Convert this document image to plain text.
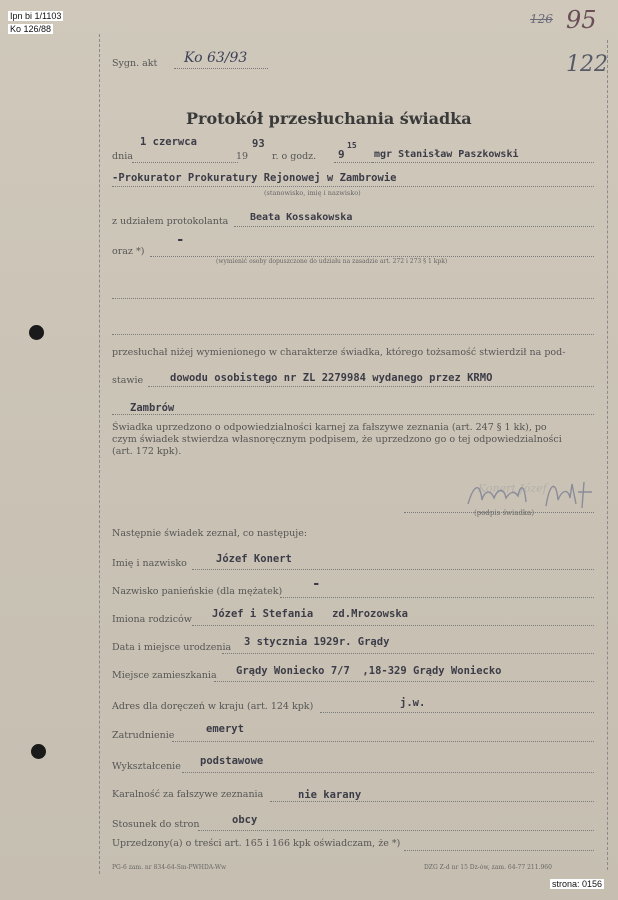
Ipn bi 1/1103
Ko 126/88
strona: 0156
126 95
122
Sygn. akt Ko 63/93
Protokół przesłuchania świadka
dnia
1 czerwca
19
93
r. o godz. 9
15
mgr Stanisław Paszkowski
-Prokurator Prokuratury Rejonowej w Zambrowie
(stanowisko, imię i nazwisko)
z udziałem protokolanta Beata Kossakowska
oraz *)
-
(wymienić osoby dopuszczone do udziału na zasadzie art. 272 i 273 § 1 kpk)
przesłuchał niżej wymienionego w charakterze świadka, którego tożsamość stwierdził na pod-
stawie	dowodu osobistego nr ZL 2279984 wydanego przez KRMO
Zambrów
Świadka uprzedzono o odpowiedzialności karnej za fałszywe zeznania (art. 247 § 1 kk), po
czym świadek stwierdza własnoręcznym podpisem, że uprzedzono go o tej odpowiedzialności
(art. 172 kpk).
Konert Józef
(podpis świadka)
Następnie świadek zeznał, co następuje:
Imię i nazwisko	Józef Konert
Nazwisko panieńskie (dla mężatek) -
Imiona rodziców Józef i Stefania   zd.Mrozowska
Data i miejsce urodzenia 3 stycznia 1929r. Grądy
Miejsce zamieszkania Grądy Woniecko 7/7  ,18-329 Grądy Woniecko
Adres dla doręczeń w kraju (art. 124 kpk)	j.w.
Zatrudnienie
emeryt
Wykształcenie podstawowe
Karalność za fałszywe zeznania	nie karany
Stosunek do stron	obcy
Uprzedzony(a) o treści art. 165 i 166 kpk oświadczam, że *)
PG-6 zam. nr 834-64-Sm-PWHDA-Ww	DZG Z-d nr 15 Dz-ów, zam. 64-77 211.960
